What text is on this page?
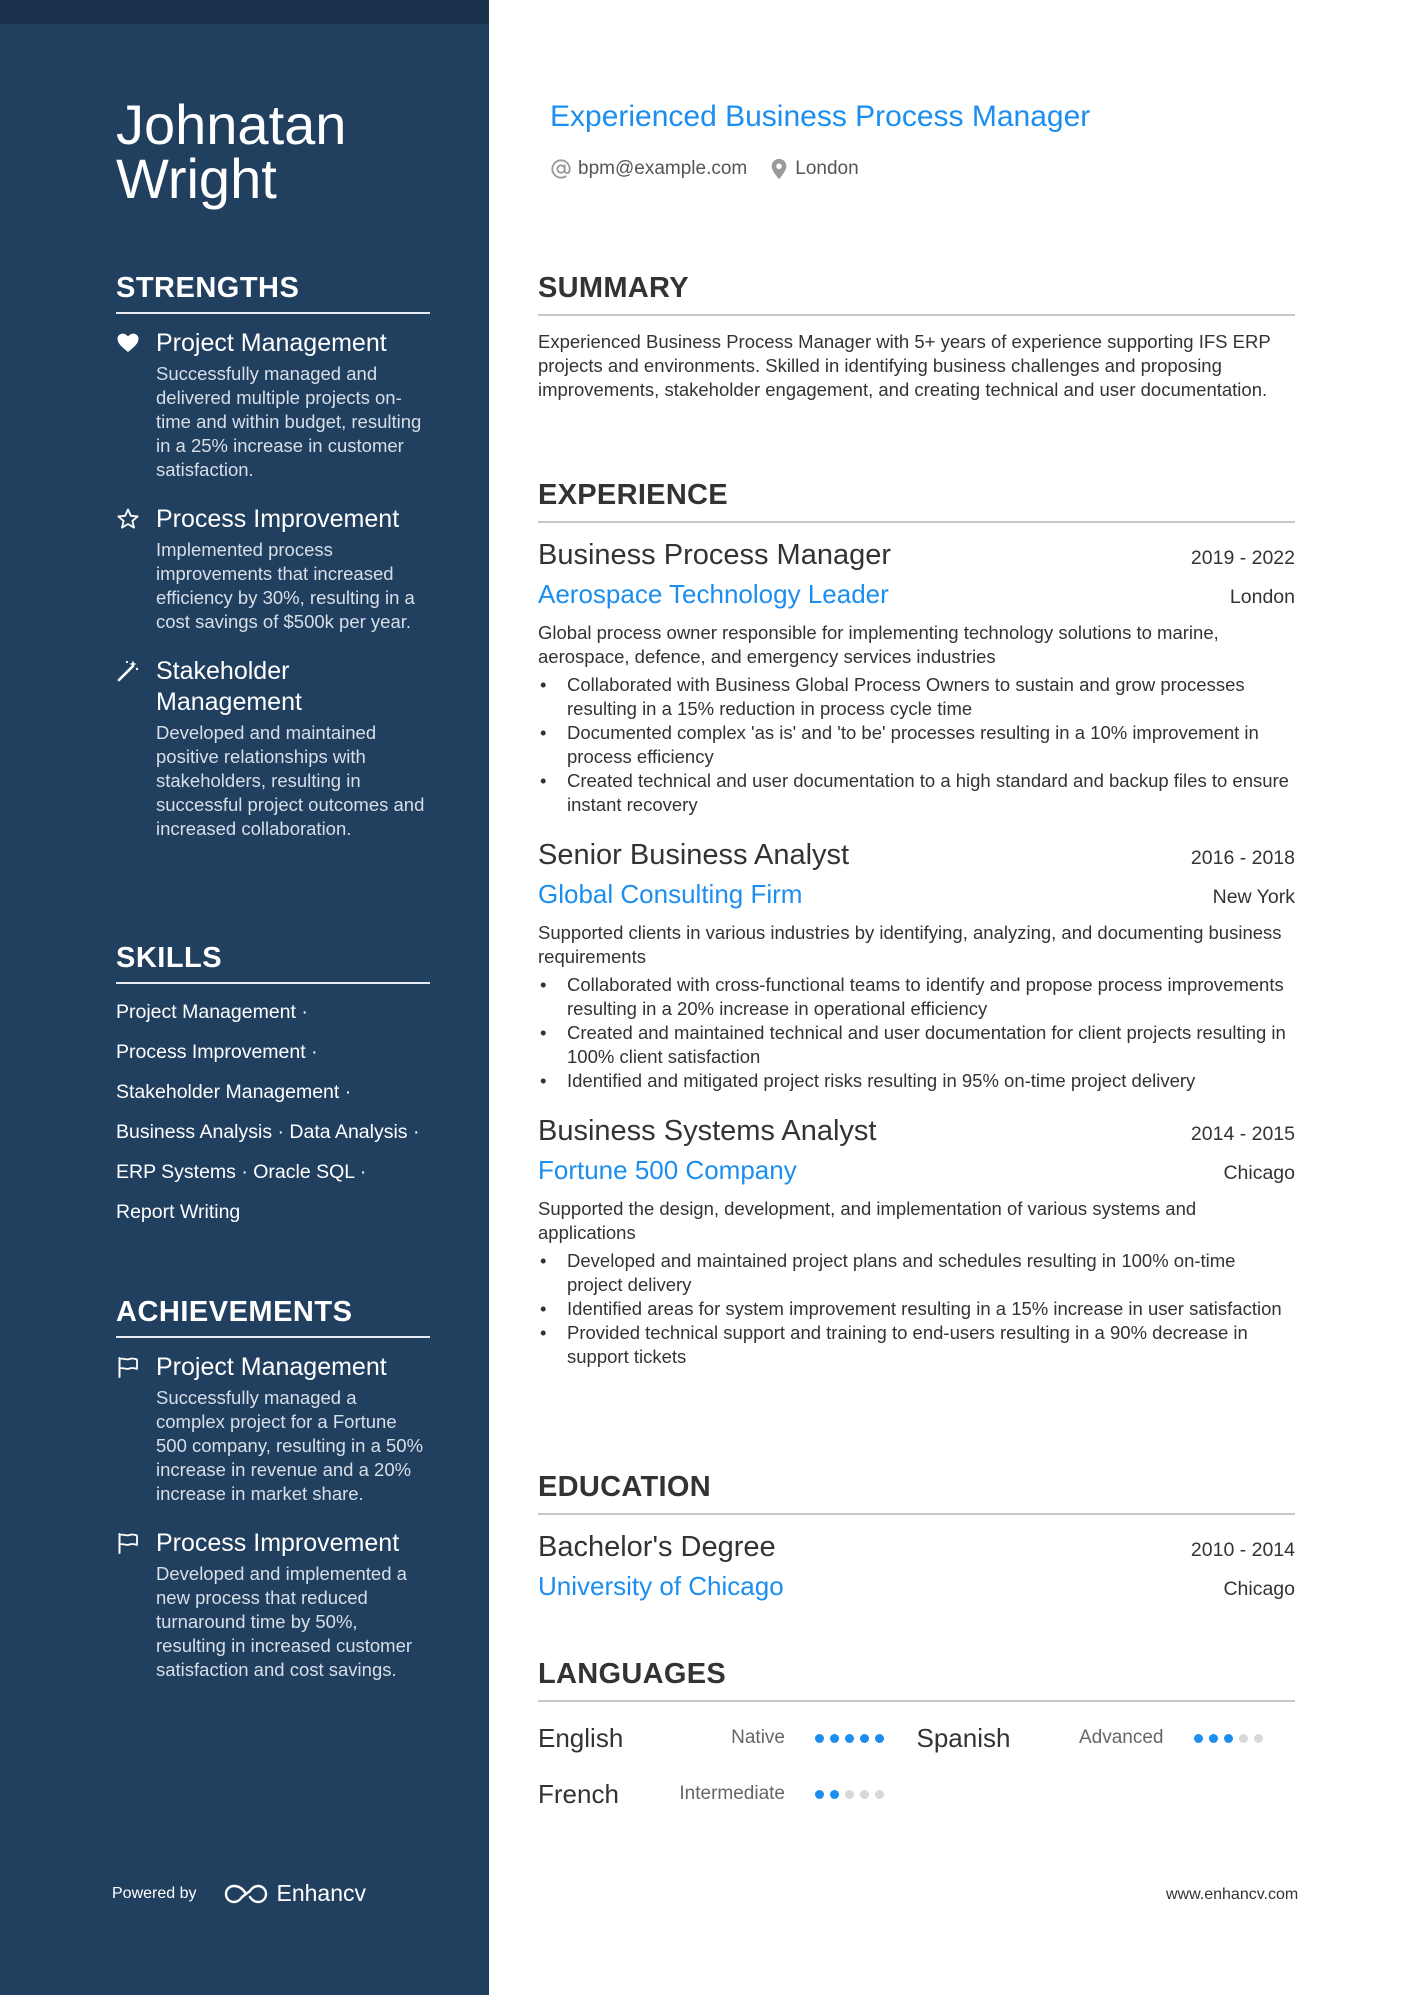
Johnatan
Wright
STRENGTHS
Project Management
Successfully managed and delivered multiple projects on-time and within budget, resulting in a 25% increase in customer satisfaction.
Process Improvement
Implemented process improvements that increased efficiency by 30%, resulting in a cost savings of $500k per year.
Stakeholder Management
Developed and maintained positive relationships with stakeholders, resulting in successful project outcomes and increased collaboration.
SKILLS
Project Management ·
Process Improvement ·
Stakeholder Management ·
Business Analysis · Data Analysis ·
ERP Systems · Oracle SQL ·
Report Writing
ACHIEVEMENTS
Project Management
Successfully managed a complex project for a Fortune 500 company, resulting in a 50% increase in revenue and a 20% increase in market share.
Process Improvement
Developed and implemented a new process that reduced turnaround time by 50%, resulting in increased customer satisfaction and cost savings.
Powered by	Enhancv
Experienced Business Process Manager
bpm@example.com	London
SUMMARY
Experienced Business Process Manager with 5+ years of experience supporting IFS ERP projects and environments. Skilled in identifying business challenges and proposing improvements, stakeholder engagement, and creating technical and user documentation.
EXPERIENCE
Business Process Manager	2019 - 2022
Aerospace Technology Leader	London
Global process owner responsible for implementing technology solutions to marine, aerospace, defence, and emergency services industries
• Collaborated with Business Global Process Owners to sustain and grow processes resulting in a 15% reduction in process cycle time
• Documented complex 'as is' and 'to be' processes resulting in a 10% improvement in process efficiency
• Created technical and user documentation to a high standard and backup files to ensure instant recovery
Senior Business Analyst	2016 - 2018
Global Consulting Firm	New York
Supported clients in various industries by identifying, analyzing, and documenting business requirements
• Collaborated with cross-functional teams to identify and propose process improvements resulting in a 20% increase in operational efficiency
• Created and maintained technical and user documentation for client projects resulting in 100% client satisfaction
• Identified and mitigated project risks resulting in 95% on-time project delivery
Business Systems Analyst	2014 - 2015
Fortune 500 Company	Chicago
Supported the design, development, and implementation of various systems and applications
• Developed and maintained project plans and schedules resulting in 100% on-time project delivery
• Identified areas for system improvement resulting in a 15% increase in user satisfaction
• Provided technical support and training to end-users resulting in a 90% decrease in support tickets
EDUCATION
Bachelor's Degree	2010 - 2014
University of Chicago	Chicago
LANGUAGES
English	Native	Spanish	Advanced
French	Intermediate
www.enhancv.com
